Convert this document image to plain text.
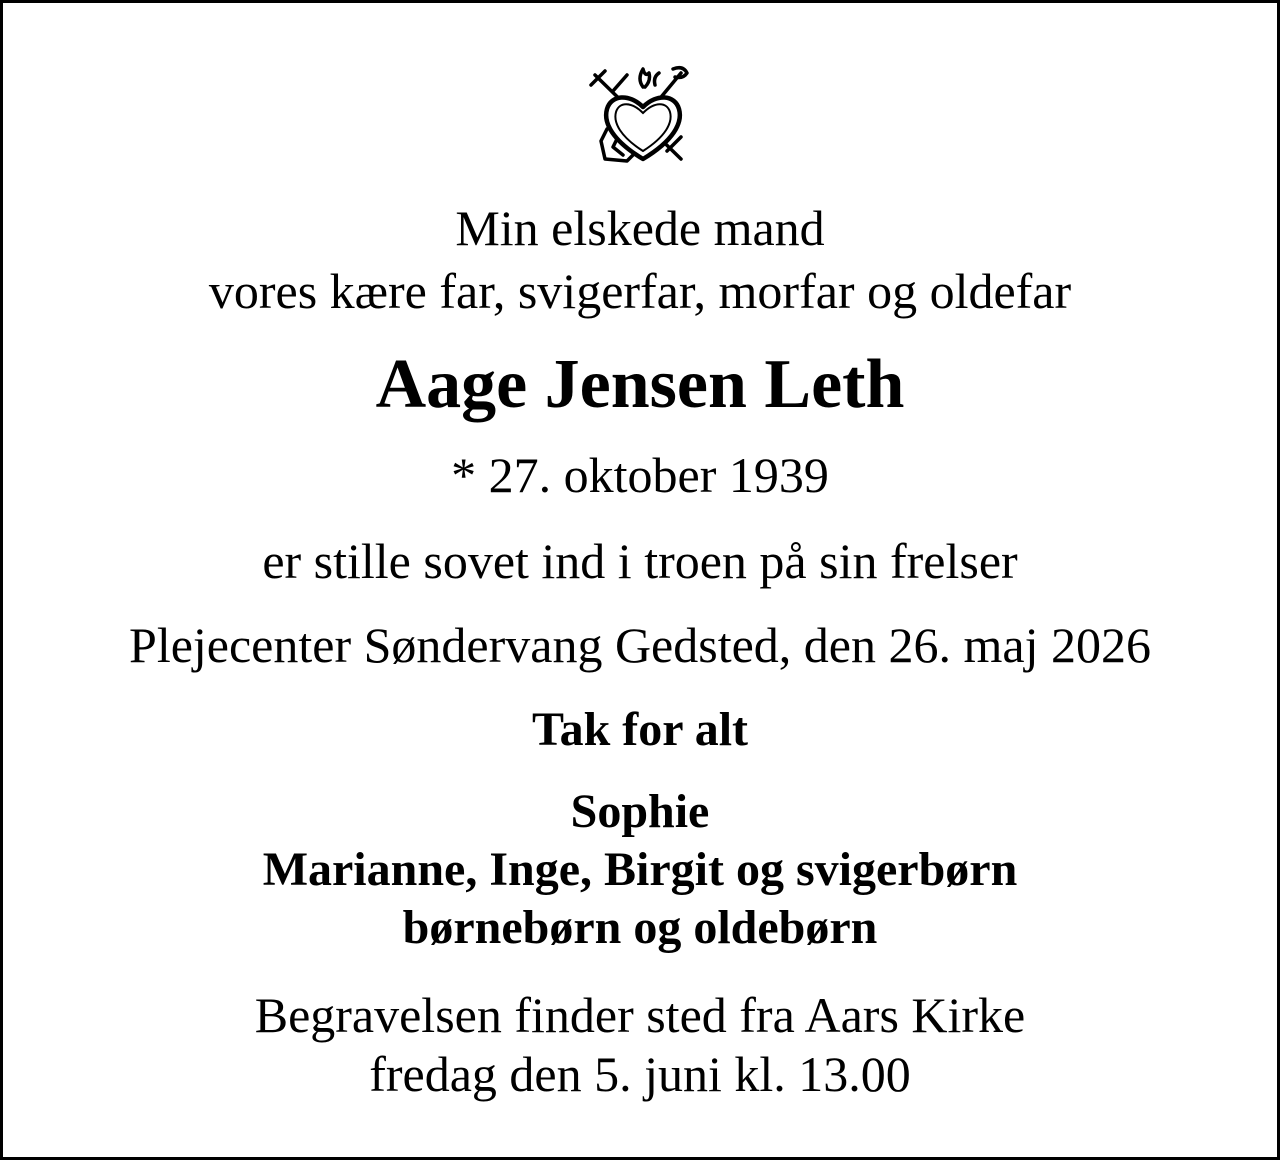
Min elskede mand
vores kære far, svigerfar, morfar og oldefar
Aage Jensen Leth
* 27. oktober 1939
er stille sovet ind i troen på sin frelser
Plejecenter Søndervang Gedsted, den 26. maj 2026
Tak for alt
Sophie
Marianne, Inge, Birgit og svigerbørn
børnebørn og oldebørn
Begravelsen finder sted fra Aars Kirke
fredag den 5. juni kl. 13.00
